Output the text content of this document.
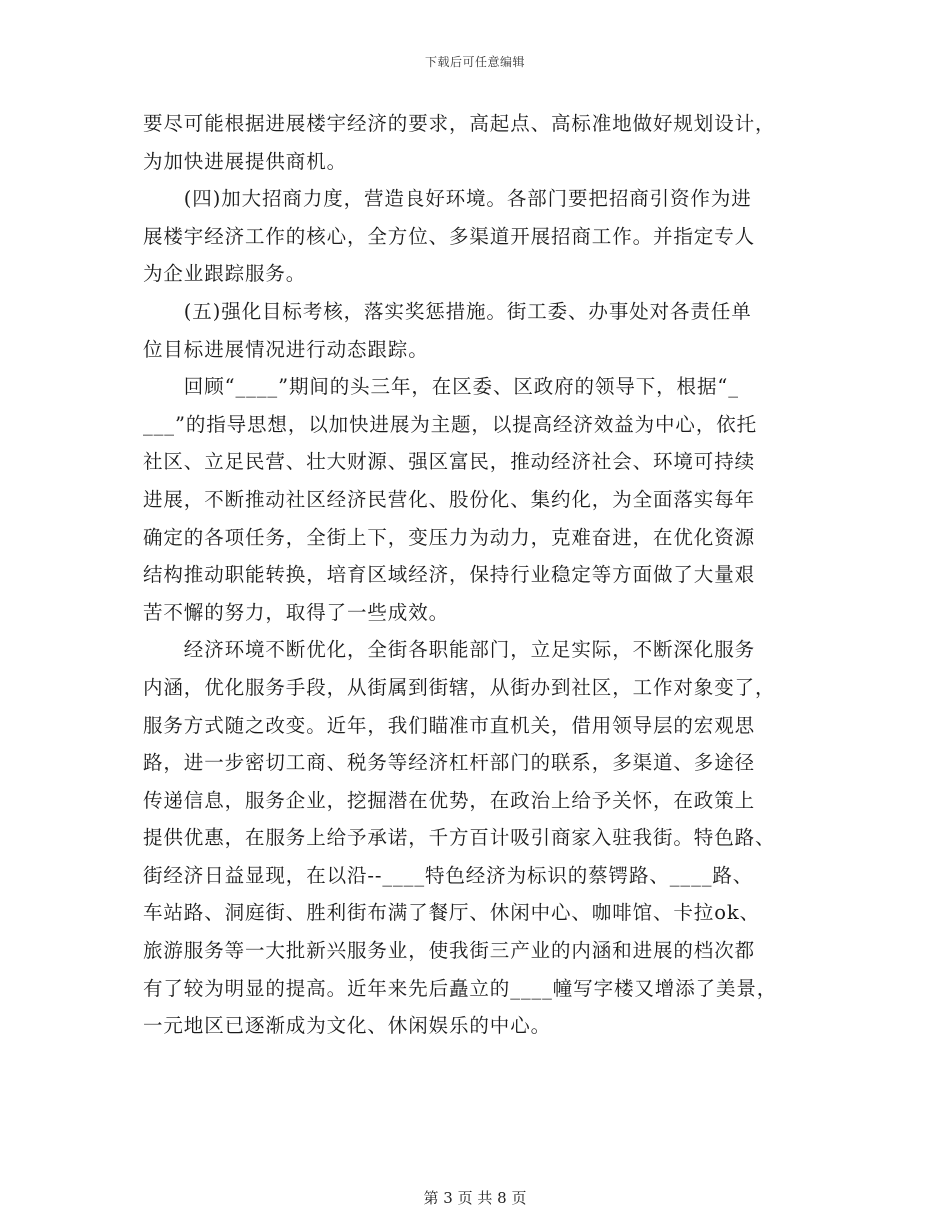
下载后可任意编辑
要尽可能根据进展楼宇经济的要求，高起点、高标准地做好规划设计，
为加快进展提供商机。
　　(四)加大招商力度，营造良好环境。各部门要把招商引资作为进
展楼宇经济工作的核心，全方位、多渠道开展招商工作。并指定专人
为企业跟踪服务。
　　(五)强化目标考核，落实奖惩措施。街工委、办事处对各责任单
位目标进展情况进行动态跟踪。
　　回顾“____”期间的头三年，在区委、区政府的领导下，根据“_
___”的指导思想，以加快进展为主题，以提高经济效益为中心，依托
社区、立足民营、壮大财源、强区富民，推动经济社会、环境可持续
进展，不断推动社区经济民营化、股份化、集约化，为全面落实每年
确定的各项任务，全街上下，变压力为动力，克难奋进，在优化资源
结构推动职能转换，培育区域经济，保持行业稳定等方面做了大量艰
苦不懈的努力，取得了一些成效。
　　经济环境不断优化，全街各职能部门，立足实际，不断深化服务
内涵，优化服务手段，从街属到街辖，从街办到社区，工作对象变了，
服务方式随之改变。近年，我们瞄准市直机关，借用领导层的宏观思
路，进一步密切工商、税务等经济杠杆部门的联系，多渠道、多途径
传递信息，服务企业，挖掘潜在优势，在政治上给予关怀，在政策上
提供优惠，在服务上给予承诺，千方百计吸引商家入驻我街。特色路、
街经济日益显现，在以沿--____特色经济为标识的蔡锷路、____路、
车站路、洞庭街、胜利街布满了餐厅、休闲中心、咖啡馆、卡拉ok、
旅游服务等一大批新兴服务业，使我街三产业的内涵和进展的档次都
有了较为明显的提高。近年来先后矗立的____幢写字楼又增添了美景，
一元地区已逐渐成为文化、休闲娱乐的中心。
第 3 页 共 8 页
